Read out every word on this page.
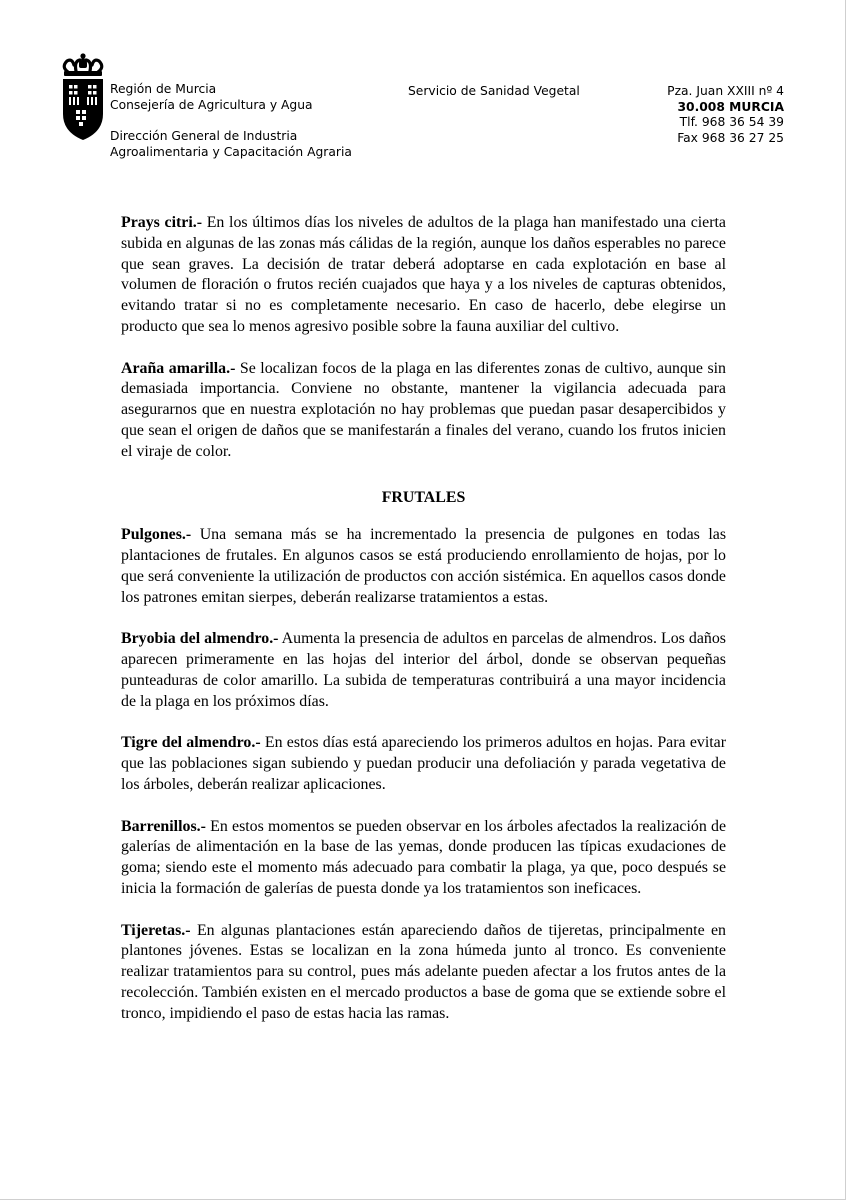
Región de Murcia
Consejería de Agricultura y Agua
Dirección General de Industria
Agroalimentaria y Capacitación Agraria
Servicio de Sanidad Vegetal	Pza. Juan XXIII nº 4
30.008 MURCIA
Tlf. 968 36 54 39
Fax 968 36 27 25

Prays citri.- En los últimos días los niveles de adultos de la plaga han manifestado una cierta subida en algunas de las zonas más cálidas de la región, aunque los daños esperables no parece que sean graves. La decisión de tratar deberá adoptarse en cada explotación en base al volumen de floración o frutos recién cuajados que haya y a los niveles de capturas obtenidos, evitando tratar si no es completamente necesario. En caso de hacerlo, debe elegirse un producto que sea lo menos agresivo posible sobre la fauna auxiliar del cultivo.

Araña amarilla.- Se localizan focos de la plaga en las diferentes zonas de cultivo, aunque sin demasiada importancia. Conviene no obstante, mantener la vigilancia adecuada para asegurarnos que en nuestra explotación no hay problemas que puedan pasar desapercibidos y que sean el origen de daños que se manifestarán a finales del verano, cuando los frutos inicien el viraje de color.

FRUTALES

Pulgones.- Una semana más se ha incrementado la presencia de pulgones en todas las plantaciones de frutales. En algunos casos se está produciendo enrollamiento de hojas, por lo que será conveniente la utilización de productos con acción sistémica. En aquellos casos donde los patrones emitan sierpes, deberán realizarse tratamientos a estas.

Bryobia del almendro.- Aumenta la presencia de adultos en parcelas de almendros. Los daños aparecen primeramente en las hojas del interior del árbol, donde se observan pequeñas punteaduras de color amarillo. La subida de temperaturas contribuirá a una mayor incidencia de la plaga en los próximos días.

Tigre del almendro.- En estos días está apareciendo los primeros adultos en hojas. Para evitar que las poblaciones sigan subiendo y puedan producir una defoliación y parada vegetativa de los árboles, deberán realizar aplicaciones.

Barrenillos.- En estos momentos se pueden observar en los árboles afectados la realización de galerías de alimentación en la base de las yemas, donde producen las típicas exudaciones de goma; siendo este el momento más adecuado para combatir la plaga, ya que, poco después se inicia la formación de galerías de puesta donde ya los tratamientos son ineficaces.

Tijeretas.- En algunas plantaciones están apareciendo daños de tijeretas, principalmente en plantones jóvenes. Estas se localizan en la zona húmeda junto al tronco. Es conveniente realizar tratamientos para su control, pues más adelante pueden afectar a los frutos antes de la recolección. También existen en el mercado productos a base de goma que se extiende sobre el tronco, impidiendo el paso de estas hacia las ramas.
